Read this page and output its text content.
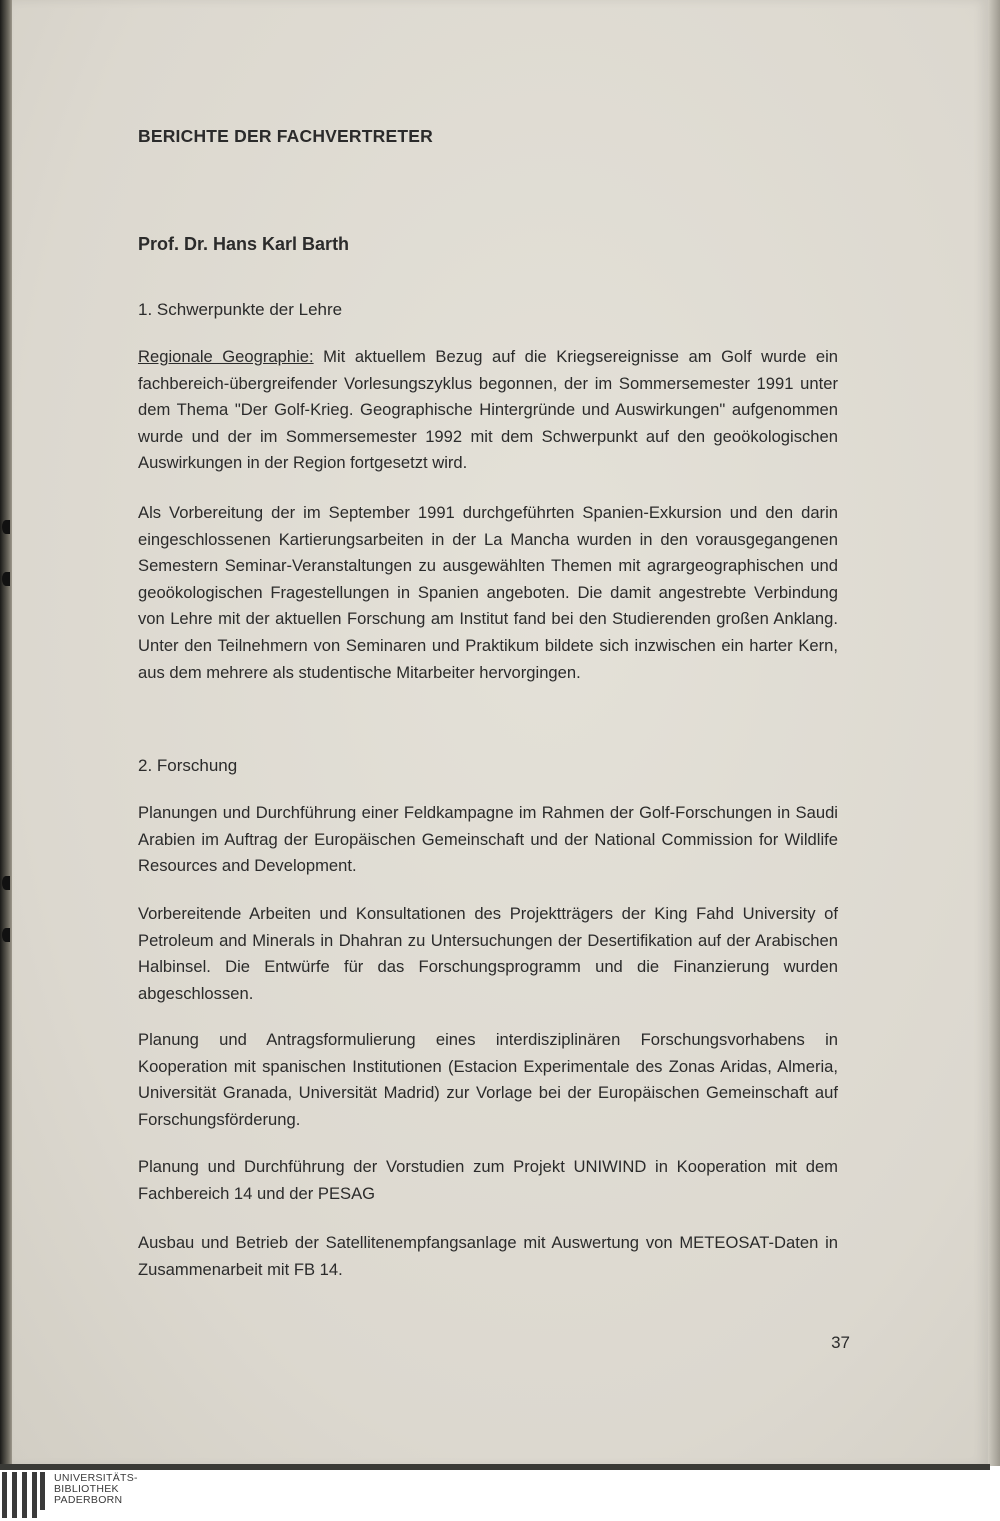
BERICHTE DER FACHVERTRETER
Prof. Dr. Hans Karl Barth
1. Schwerpunkte der Lehre
Regionale Geographie: Mit aktuellem Bezug auf die Kriegsereignisse am Golf wurde ein fachbereich-übergreifender Vorlesungszyklus begonnen, der im Sommersemester 1991 unter dem Thema "Der Golf-Krieg. Geographische Hintergründe und Auswirkungen" aufgenommen wurde und der im Sommersemester 1992 mit dem Schwerpunkt auf den geoökologischen Auswirkungen in der Region fortgesetzt wird.
Als Vorbereitung der im September 1991 durchgeführten Spanien-Exkursion und den darin eingeschlossenen Kartierungsarbeiten in der La Mancha wurden in den vorausgegangenen Semestern Seminar-Veranstaltungen zu ausgewählten Themen mit agrargeographischen und geoökologischen Fragestellungen in Spanien angeboten. Die damit angestrebte Verbindung von Lehre mit der aktuellen Forschung am Institut fand bei den Studierenden großen Anklang. Unter den Teilnehmern von Seminaren und Praktikum bildete sich inzwischen ein harter Kern, aus dem mehrere als studentische Mitarbeiter hervorgingen.
2. Forschung
Planungen und Durchführung einer Feldkampagne im Rahmen der Golf-Forschungen in Saudi Arabien im Auftrag der Europäischen Gemeinschaft und der National Commission for Wildlife Resources and Development.
Vorbereitende Arbeiten und Konsultationen des Projektträgers der King Fahd University of Petroleum and Minerals in Dhahran zu Untersuchungen der Desertifikation auf der Arabischen Halbinsel. Die Entwürfe für das Forschungsprogramm und die Finanzierung wurden abgeschlossen.
Planung und Antragsformulierung eines interdisziplinären Forschungsvorhabens in Kooperation mit spanischen Institutionen (Estacion Experimentale des Zonas Aridas, Almeria, Universität Granada, Universität Madrid) zur Vorlage bei der Europäischen Gemeinschaft auf Forschungsförderung.
Planung und Durchführung der Vorstudien zum Projekt UNIWIND in Kooperation mit dem Fachbereich 14 und der PESAG
Ausbau und Betrieb der Satellitenempfangsanlage mit Auswertung von METEOSAT-Daten in Zusammenarbeit mit FB 14.
37
UNIVERSITÄTS-
BIBLIOTHEK
PADERBORN
